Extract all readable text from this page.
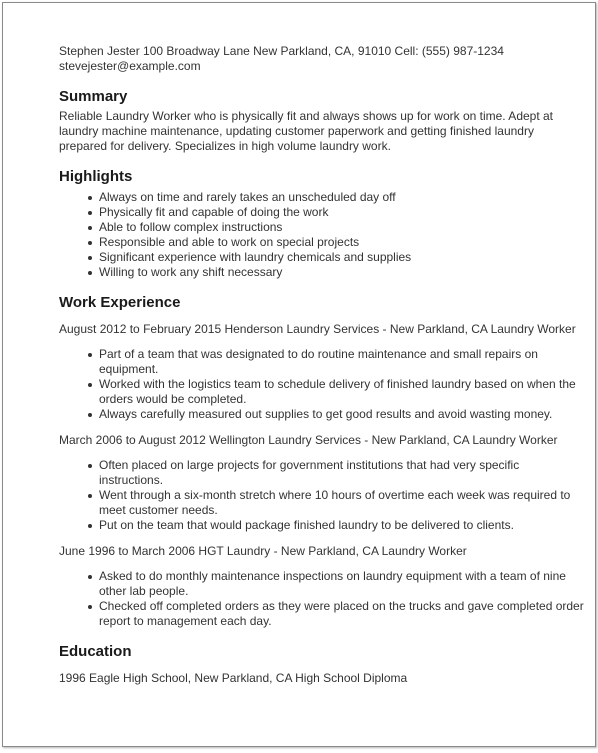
Stephen Jester 100 Broadway Lane New Parkland, CA, 91010 Cell: (555) 987-1234
stevejester@example.com
Summary
Reliable Laundry Worker who is physically fit and always shows up for work on time. Adept at
laundry machine maintenance, updating customer paperwork and getting finished laundry
prepared for delivery. Specializes in high volume laundry work.
Highlights
Always on time and rarely takes an unscheduled day off
Physically fit and capable of doing the work
Able to follow complex instructions
Responsible and able to work on special projects
Significant experience with laundry chemicals and supplies
Willing to work any shift necessary
Work Experience
August 2012 to February 2015 Henderson Laundry Services - New Parkland, CA Laundry Worker
Part of a team that was designated to do routine maintenance and small repairs on
equipment.
Worked with the logistics team to schedule delivery of finished laundry based on when the
orders would be completed.
Always carefully measured out supplies to get good results and avoid wasting money.
March 2006 to August 2012 Wellington Laundry Services - New Parkland, CA Laundry Worker
Often placed on large projects for government institutions that had very specific
instructions.
Went through a six-month stretch where 10 hours of overtime each week was required to
meet customer needs.
Put on the team that would package finished laundry to be delivered to clients.
June 1996 to March 2006 HGT Laundry - New Parkland, CA Laundry Worker
Asked to do monthly maintenance inspections on laundry equipment with a team of nine
other lab people.
Checked off completed orders as they were placed on the trucks and gave completed order
report to management each day.
Education
1996 Eagle High School, New Parkland, CA High School Diploma
